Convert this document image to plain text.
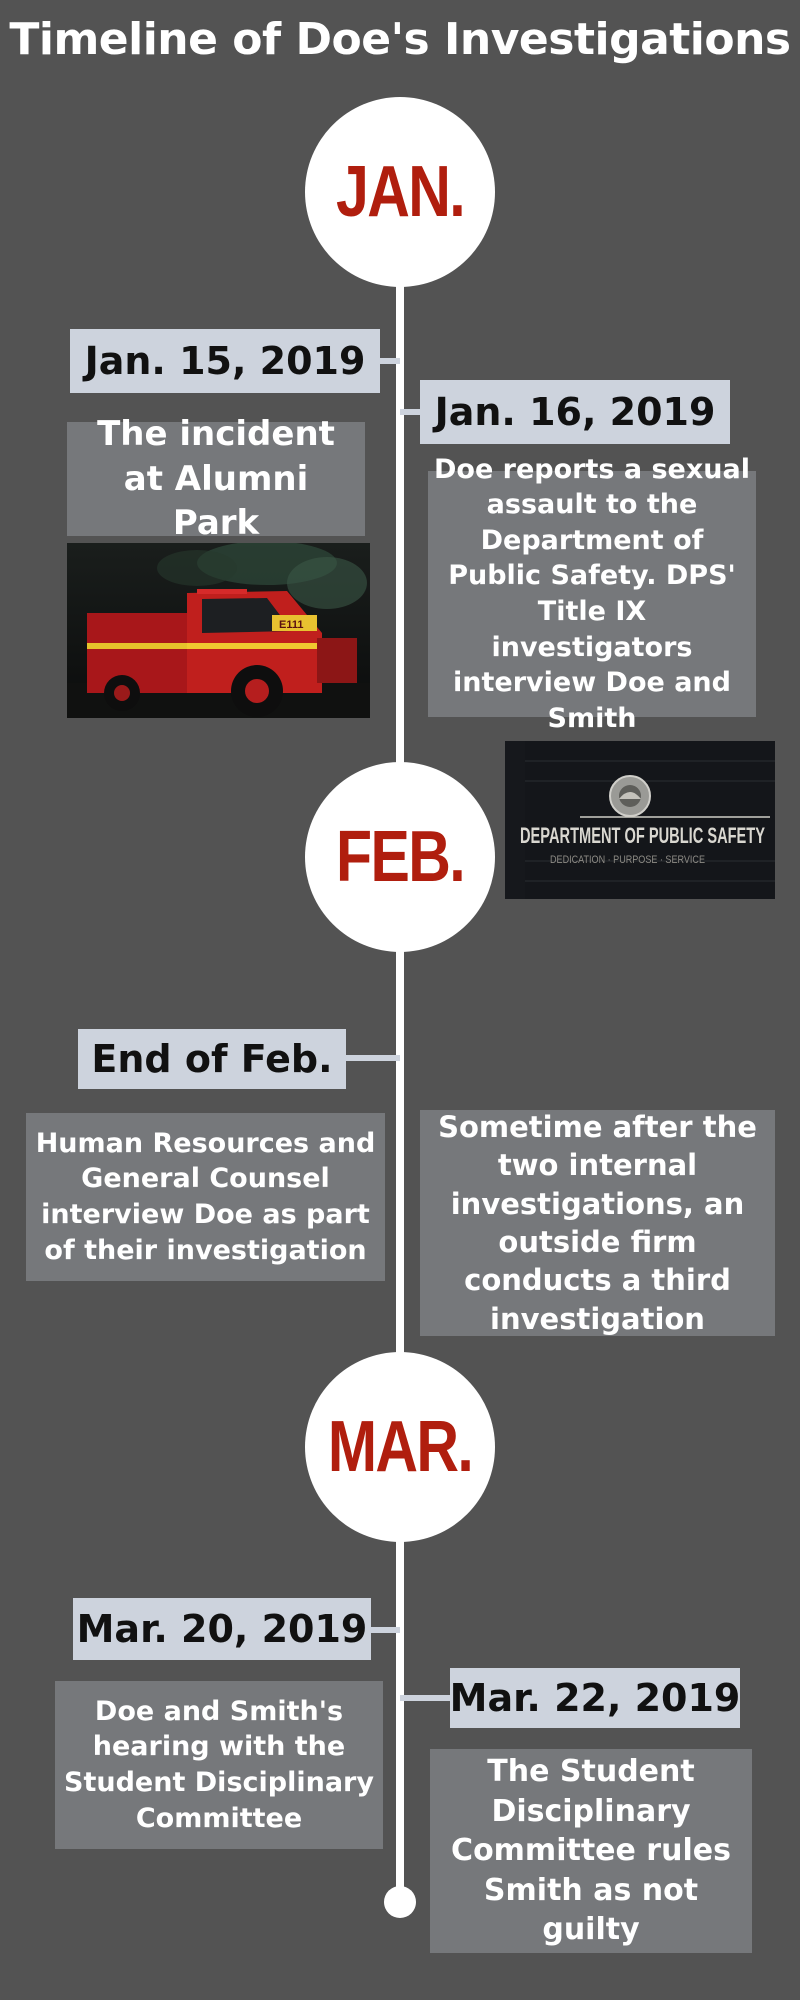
Timeline of Doe's Investigations
JAN.
FEB.
MAR.
Jan. 15, 2019
The incident at Alumni Park
E111
Jan. 16, 2019
Doe reports a sexual assault to the Department of Public Safety. DPS' Title IX investigators interview Doe and Smith
DEPARTMENT OF PUBLIC SAFETY
DEDICATION · PURPOSE · SERVICE
End of Feb.
Human Resources and General Counsel interview Doe as part of their investigation
Sometime after the two internal investigations, an outside firm conducts a third investigation
Mar. 20, 2019
Doe and Smith's hearing with the Student Disciplinary Committee
Mar. 22, 2019
The Student Disciplinary Committee rules Smith as not guilty
